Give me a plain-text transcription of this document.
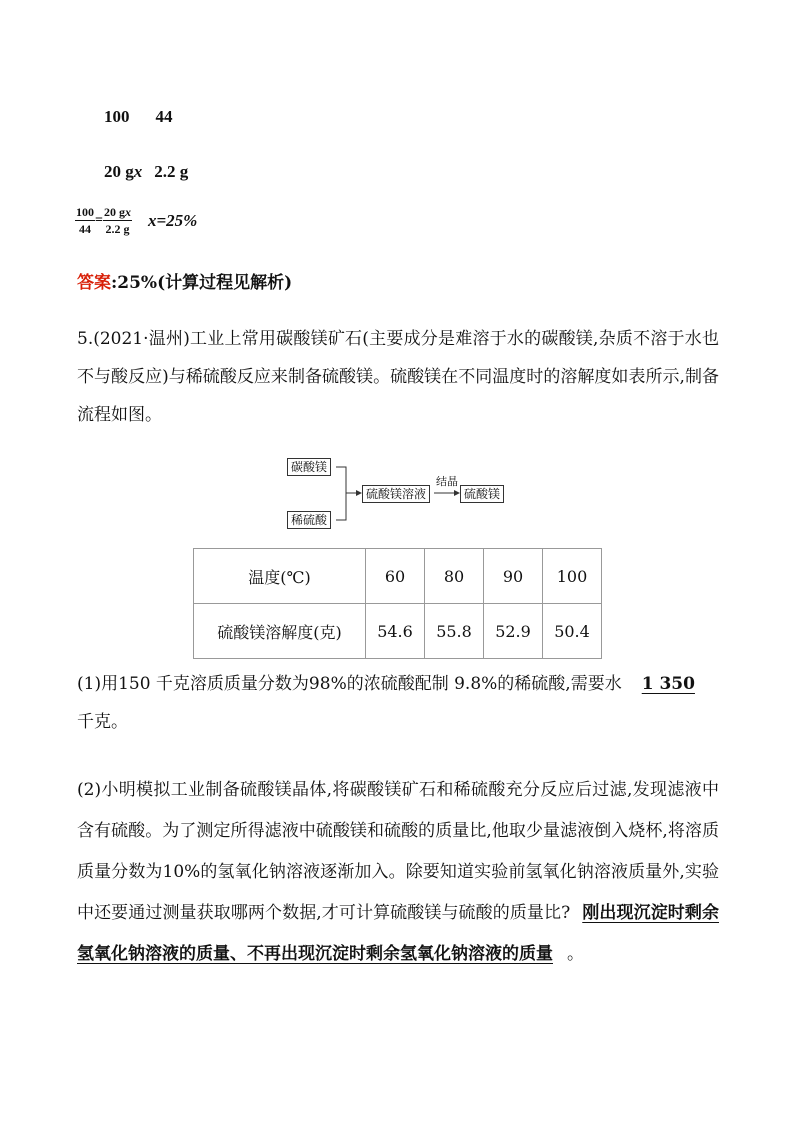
100 44
20 gx 2.2 g
$\frac{100}{44} = \frac{20 gx}{2.2 g} x=25\%$
答案:25%(计算过程见解析)
5.(2021·温州)工业上常用碳酸镁矿石(主要成分是难溶于水的碳酸镁,杂质不溶于水也不与酸反应)与稀硫酸反应来制备硫酸镁。硫酸镁在不同温度时的溶解度如表所示,制备流程如图。
碳酸镁
稀硫酸
硫酸镁溶液
结晶
硫酸镁
温度(℃)	60	80	90	100
硫酸镁溶解度(克)	54.6	55.8	52.9	50.4
(1)用150 千克溶质质量分数为98%的浓硫酸配制 9.8%的稀硫酸,需要水 1 350
千克。
(2)小明模拟工业制备硫酸镁晶体,将碳酸镁矿石和稀硫酸充分反应后过滤,发现滤液中含有硫酸。为了测定所得滤液中硫酸镁和硫酸的质量比,他取少量滤液倒入烧杯,将溶质质量分数为10%的氢氧化钠溶液逐渐加入。除要知道实验前氢氧化钠溶液质量外,实验中还要通过测量获取哪两个数据,才可计算硫酸镁与硫酸的质量比? 刚出现沉淀时剩余氢氧化钠溶液的质量、不再出现沉淀时剩余氢氧化钠溶液的质量 。
